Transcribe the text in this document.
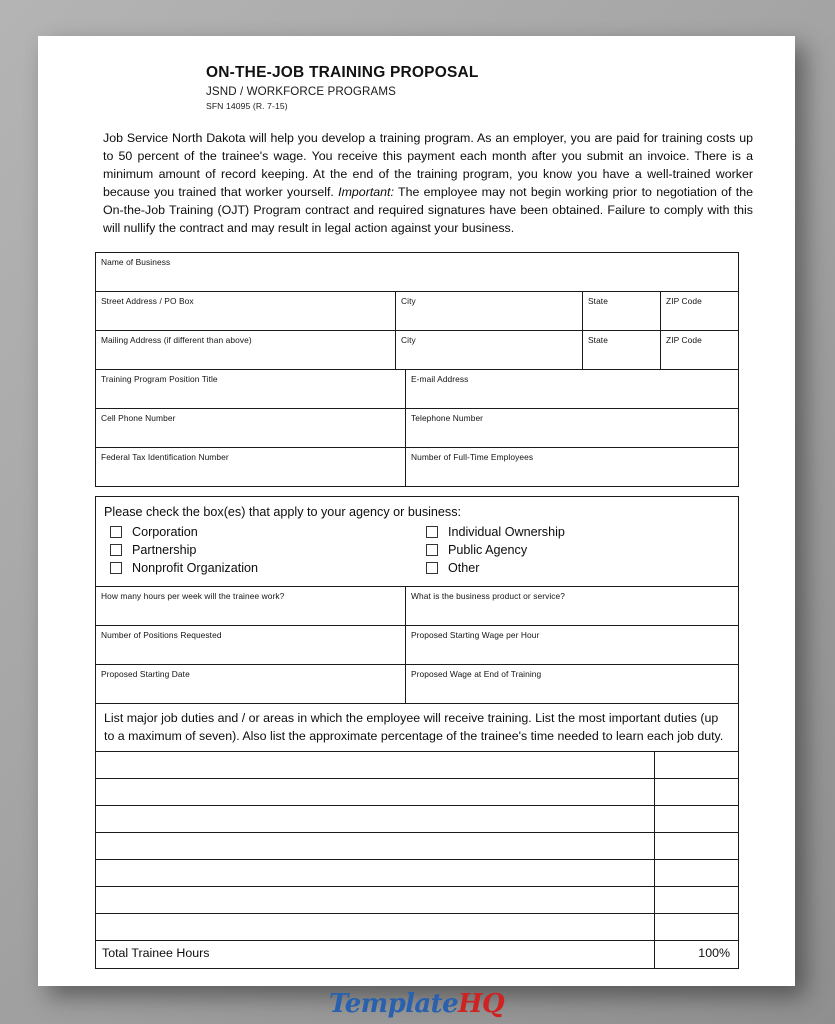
ON-THE-JOB TRAINING PROPOSAL
JSND / WORKFORCE PROGRAMS
SFN 14095 (R. 7-15)
Job Service North Dakota will help you develop a training program. As an employer, you are paid for training costs up to 50 percent of the trainee's wage. You receive this payment each month after you submit an invoice. There is a minimum amount of record keeping. At the end of the training program, you know you have a well-trained worker because you trained that worker yourself. Important: The employee may not begin working prior to negotiation of the On-the-Job Training (OJT) Program contract and required signatures have been obtained. Failure to comply with this will nullify the contract and may result in legal action against your business.
Name of Business
Street Address / PO Box	City	State	ZIP Code
Mailing Address (if different than above)	City	State	ZIP Code
Training Program Position Title	E-mail Address
Cell Phone Number	Telephone Number
Federal Tax Identification Number	Number of Full-Time Employees
Please check the box(es) that apply to your agency or business:
Corporation
Partnership
Nonprofit Organization
Individual Ownership
Public Agency
Other
How many hours per week will the trainee work?	What is the business product or service?
Number of Positions Requested	Proposed Starting Wage per Hour
Proposed Starting Date	Proposed Wage at End of Training
List major job duties and / or areas in which the employee will receive training. List the most important duties (up to a maximum of seven). Also list the approximate percentage of the trainee's time needed to learn each job duty.
Total Trainee Hours	100%
TemplateHQ
